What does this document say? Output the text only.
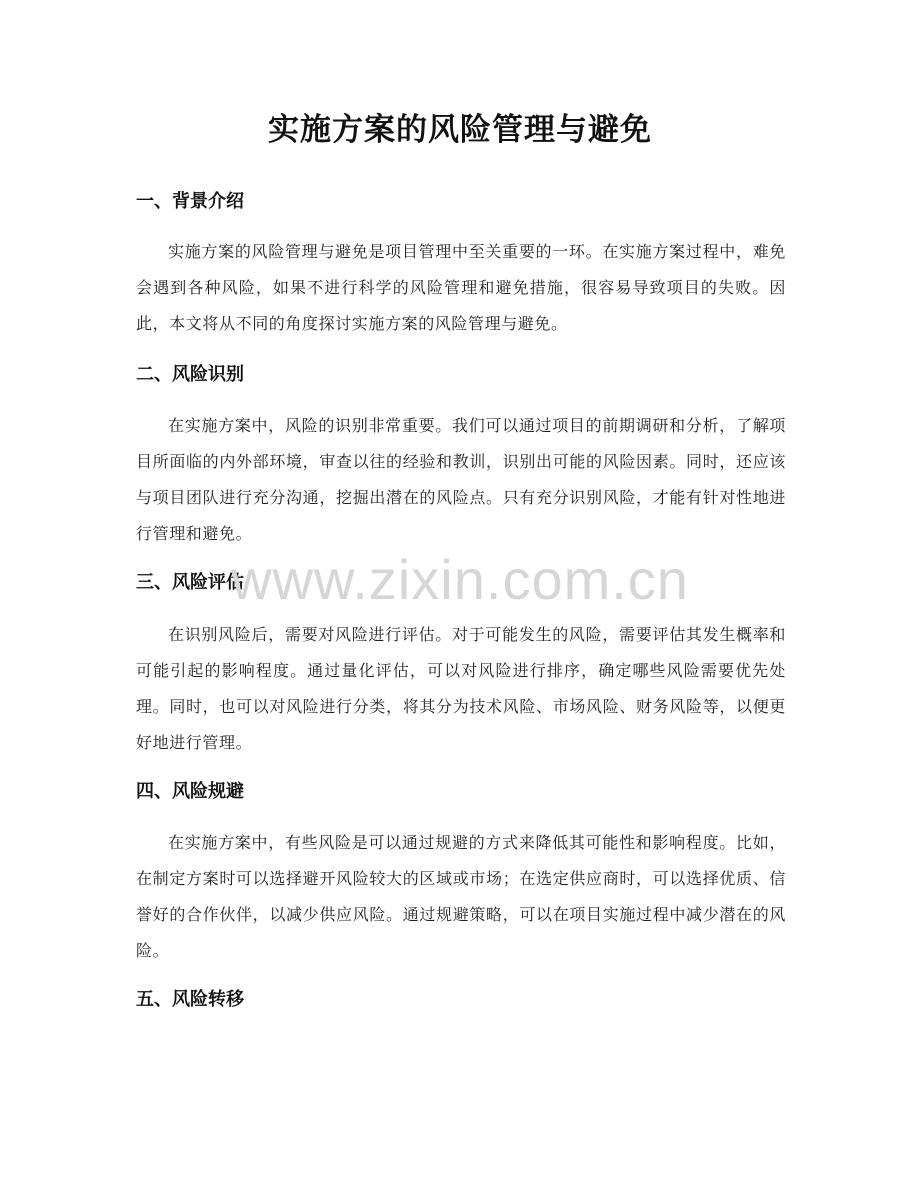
实施方案的风险管理与避免
一、背景介绍
实施方案的风险管理与避免是项目管理中至关重要的一环。在实施方案过程中，难免会遇到各种风险，如果不进行科学的风险管理和避免措施，很容易导致项目的失败。因此，本文将从不同的角度探讨实施方案的风险管理与避免。
二、风险识别
在实施方案中，风险的识别非常重要。我们可以通过项目的前期调研和分析，了解项目所面临的内外部环境，审查以往的经验和教训，识别出可能的风险因素。同时，还应该与项目团队进行充分沟通，挖掘出潜在的风险点。只有充分识别风险，才能有针对性地进行管理和避免。
三、风险评估
在识别风险后，需要对风险进行评估。对于可能发生的风险，需要评估其发生概率和可能引起的影响程度。通过量化评估，可以对风险进行排序，确定哪些风险需要优先处理。同时，也可以对风险进行分类，将其分为技术风险、市场风险、财务风险等，以便更好地进行管理。
四、风险规避
在实施方案中，有些风险是可以通过规避的方式来降低其可能性和影响程度。比如，在制定方案时可以选择避开风险较大的区域或市场；在选定供应商时，可以选择优质、信誉好的合作伙伴，以减少供应风险。通过规避策略，可以在项目实施过程中减少潜在的风险。
五、风险转移
www.zixin.com.cn
